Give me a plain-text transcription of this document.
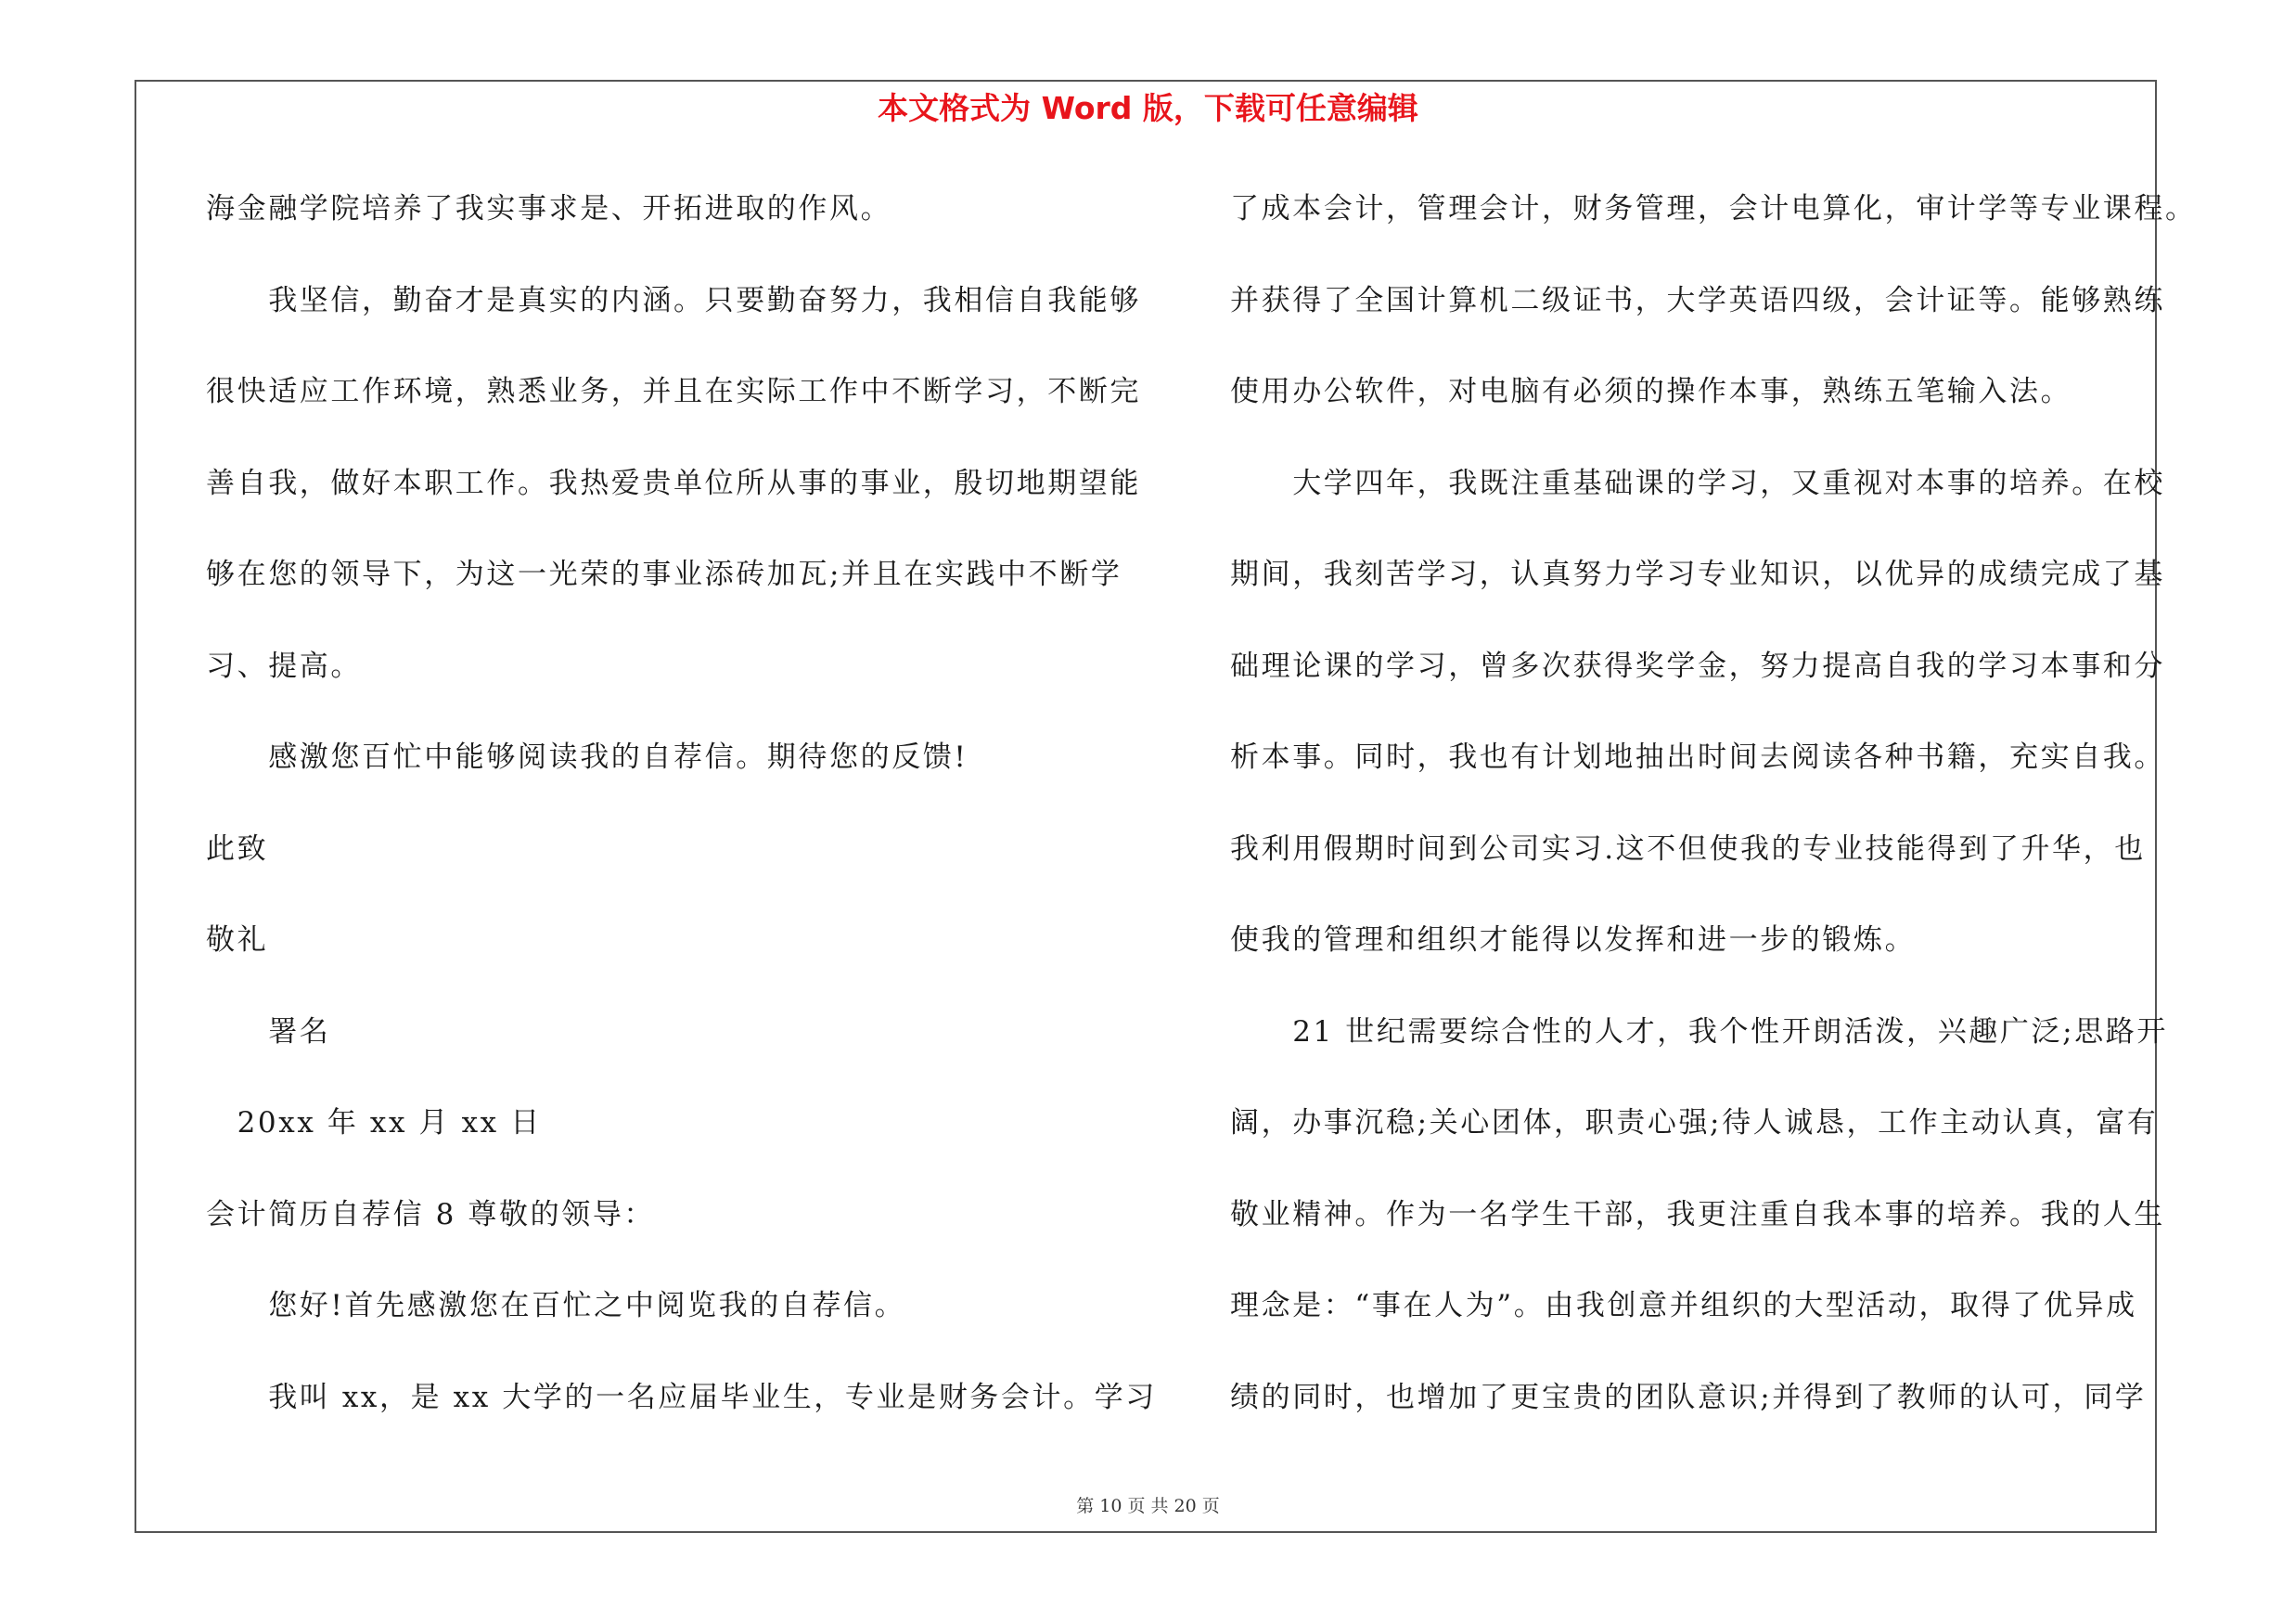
本文格式为 Word 版，下载可任意编辑
海金融学院培养了我实事求是、开拓进取的作风。
　　我坚信，勤奋才是真实的内涵。只要勤奋努力，我相信自我能够
很快适应工作环境，熟悉业务，并且在实际工作中不断学习，不断完
善自我，做好本职工作。我热爱贵单位所从事的事业，殷切地期望能
够在您的领导下，为这一光荣的事业添砖加瓦;并且在实践中不断学
习、提高。
　　感激您百忙中能够阅读我的自荐信。期待您的反馈!
此致
敬礼
　　署名
　20xx 年 xx 月 xx 日
会计简历自荐信 8 尊敬的领导：
　　您好!首先感激您在百忙之中阅览我的自荐信。
　　我叫 xx，是 xx 大学的一名应届毕业生，专业是财务会计。学习
了成本会计，管理会计，财务管理，会计电算化，审计学等专业课程。
并获得了全国计算机二级证书，大学英语四级，会计证等。能够熟练
使用办公软件，对电脑有必须的操作本事，熟练五笔输入法。
　　大学四年，我既注重基础课的学习，又重视对本事的培养。在校
期间，我刻苦学习，认真努力学习专业知识，以优异的成绩完成了基
础理论课的学习，曾多次获得奖学金，努力提高自我的学习本事和分
析本事。同时，我也有计划地抽出时间去阅读各种书籍，充实自我。
我利用假期时间到公司实习.这不但使我的专业技能得到了升华，也
使我的管理和组织才能得以发挥和进一步的锻炼。
　　21 世纪需要综合性的人才，我个性开朗活泼，兴趣广泛;思路开
阔，办事沉稳;关心团体，职责心强;待人诚恳，工作主动认真，富有
敬业精神。作为一名学生干部，我更注重自我本事的培养。我的人生
理念是：“事在人为”。由我创意并组织的大型活动，取得了优异成
绩的同时，也增加了更宝贵的团队意识;并得到了教师的认可，同学
第 10 页 共 20 页
